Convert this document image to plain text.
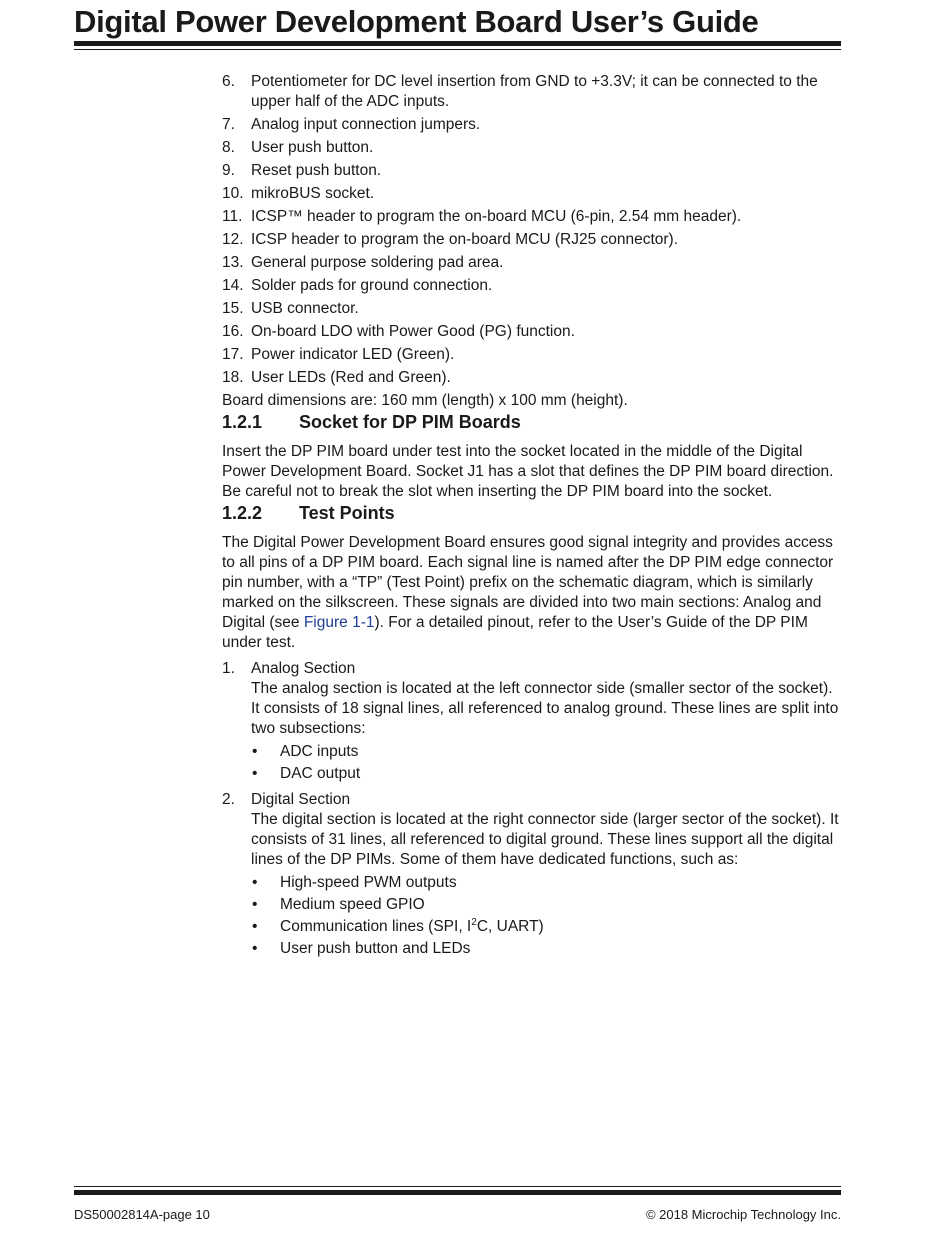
Digital Power Development Board User’s Guide
6. Potentiometer for DC level insertion from GND to +3.3V; it can be connected to the upper half of the ADC inputs.
7. Analog input connection jumpers.
8. User push button.
9. Reset push button.
10. mikroBUS socket.
11. ICSP™ header to program the on-board MCU (6-pin, 2.54 mm header).
12. ICSP header to program the on-board MCU (RJ25 connector).
13. General purpose soldering pad area.
14. Solder pads for ground connection.
15. USB connector.
16. On-board LDO with Power Good (PG) function.
17. Power indicator LED (Green).
18. User LEDs (Red and Green).

Board dimensions are: 160 mm (length) x 100 mm (height).

1.2.1	Socket for DP PIM Boards

Insert the DP PIM board under test into the socket located in the middle of the Digital Power Development Board. Socket J1 has a slot that defines the DP PIM board direction. Be careful not to break the slot when inserting the DP PIM board into the socket.

1.2.2	Test Points

The Digital Power Development Board ensures good signal integrity and provides access to all pins of a DP PIM board. Each signal line is named after the DP PIM edge connector pin number, with a “TP” (Test Point) prefix on the schematic diagram, which is similarly marked on the silkscreen. These signals are divided into two main sections: Analog and Digital (see Figure 1-1). For a detailed pinout, refer to the User’s Guide of the DP PIM under test.

1. Analog Section
The analog section is located at the left connector side (smaller sector of the socket). It consists of 18 signal lines, all referenced to analog ground. These lines are split into two subsections:
• ADC inputs
• DAC output
2. Digital Section
The digital section is located at the right connector side (larger sector of the socket). It consists of 31 lines, all referenced to digital ground. These lines support all the digital lines of the DP PIMs. Some of them have dedicated functions, such as:
• High-speed PWM outputs
• Medium speed GPIO
• Communication lines (SPI, $I^2C$, UART)
• User push button and LEDs
DS50002814A-page 10	© 2018 Microchip Technology Inc.
